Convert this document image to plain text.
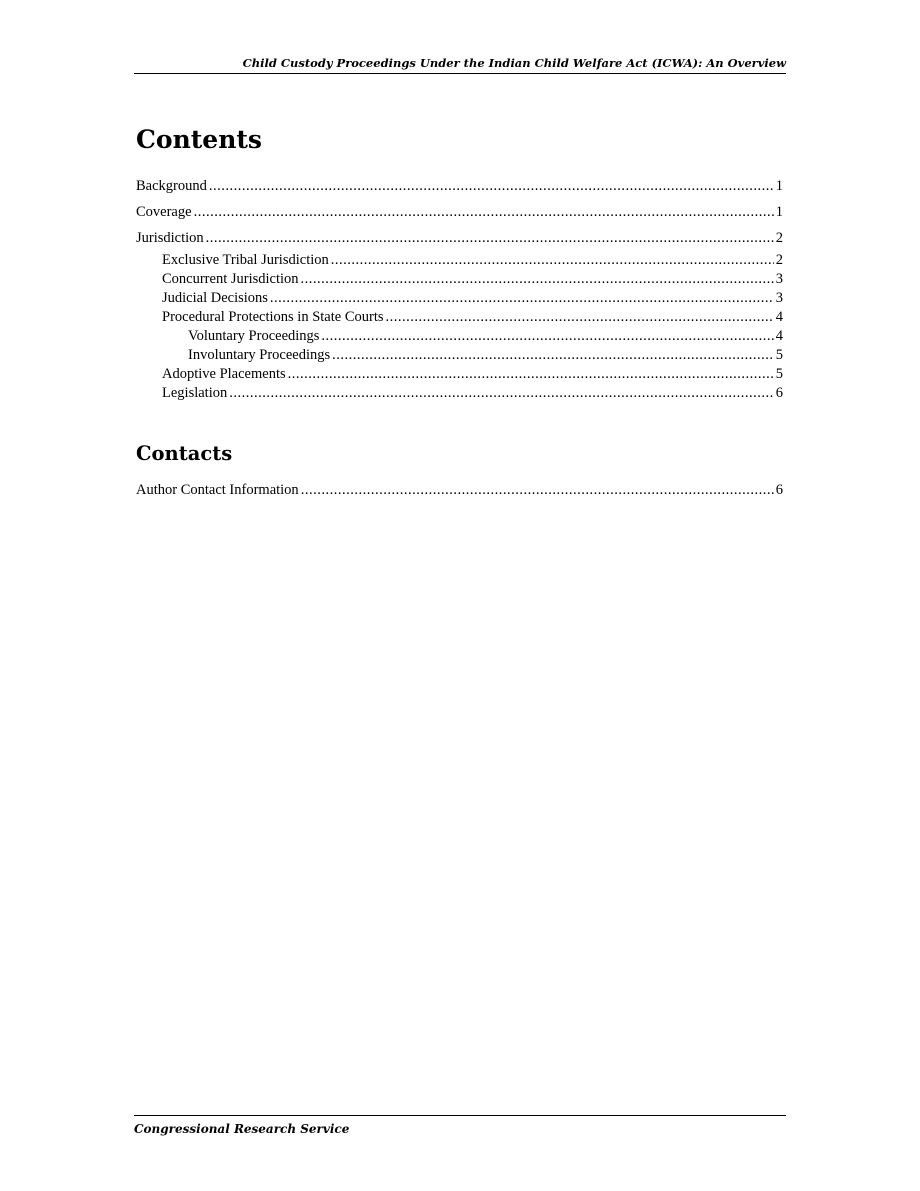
Child Custody Proceedings Under the Indian Child Welfare Act (ICWA): An Overview
Contents
Background .....	1
Coverage .....	1
Jurisdiction .....	2
Exclusive Tribal Jurisdiction .....	2
Concurrent Jurisdiction .....	3
Judicial Decisions .....	3
Procedural Protections in State Courts .....	4
Voluntary Proceedings .....	4
Involuntary Proceedings .....	5
Adoptive Placements .....	5
Legislation .....	6
Contacts
Author Contact Information .....	6
Congressional Research Service
